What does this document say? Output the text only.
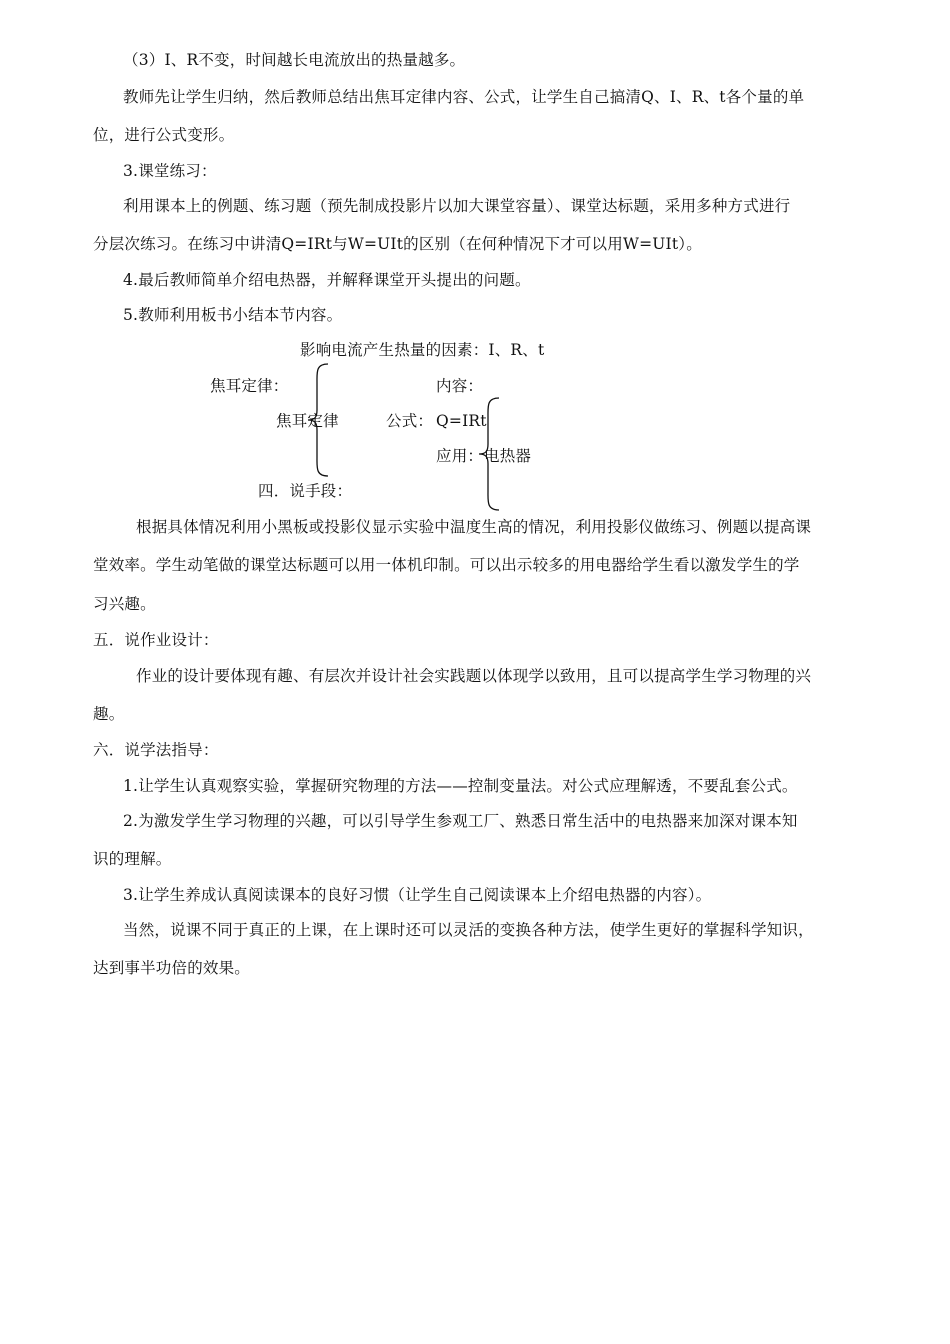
（3）I、R不变，时间越长电流放出的热量越多。
教师先让学生归纳，然后教师总结出焦耳定律内容、公式，让学生自己搞清Q、I、R、t各个量的单
位，进行公式变形。
3.课堂练习：
利用课本上的例题、练习题（预先制成投影片以加大课堂容量）、课堂达标题，采用多种方式进行
分层次练习。在练习中讲清Q=IRt与W=UIt的区别（在何种情况下才可以用W=UIt）。
4.最后教师简单介绍电热器，并解释课堂开头提出的问题。
5.教师利用板书小结本节内容。
影响电流产生热量的因素：I、R、t
焦耳定律：	内容：
焦耳定律	公式： Q=IRt
应用： 电热器
四．说手段：
根据具体情况利用小黑板或投影仪显示实验中温度生高的情况，利用投影仪做练习、例题以提高课
堂效率。学生动笔做的课堂达标题可以用一体机印制。可以出示较多的用电器给学生看以激发学生的学
习兴趣。
五．说作业设计：
作业的设计要体现有趣、有层次并设计社会实践题以体现学以致用，且可以提高学生学习物理的兴
趣。
六．说学法指导：
1.让学生认真观察实验，掌握研究物理的方法——控制变量法。对公式应理解透，不要乱套公式。
2.为激发学生学习物理的兴趣，可以引导学生参观工厂、熟悉日常生活中的电热器来加深对课本知
识的理解。
3.让学生养成认真阅读课本的良好习惯（让学生自己阅读课本上介绍电热器的内容）。
当然，说课不同于真正的上课，在上课时还可以灵活的变换各种方法，使学生更好的掌握科学知识，
达到事半功倍的效果。
